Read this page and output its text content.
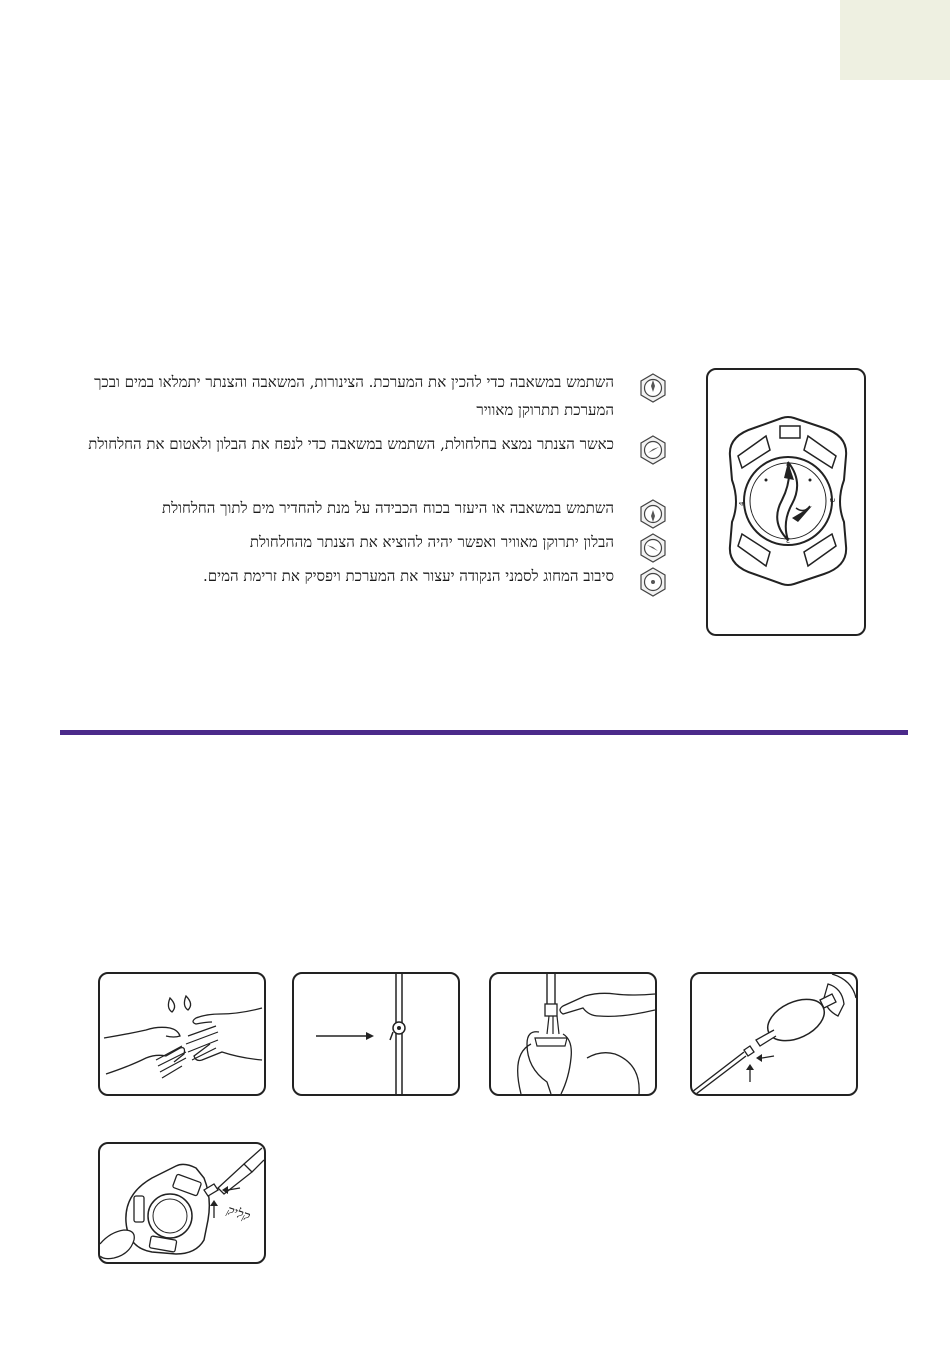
השתמש במשאבה כדי להכין את המערכת. הצינורות, המשאבה והצנתר יתמלאו במים ובכך המערכת תתרוקן מאוויר
כאשר הצנתר נמצא בחלחולת, השתמש במשאבה כדי לנפח את הבלון ולאטום את החלחולת
השתמש במשאבה או היעזר בכוח הכבידה על מנת להחדיר מים לתוך החלחולת
הבלון יתרוקן מאוויר ואפשר יהיה להוציא את הצנתר מהחלחולת
סיבוב המחוג לסמני הנקודה יעצור את המערכת ויפסיק את זרימת המים.
4
3
2
קליק
